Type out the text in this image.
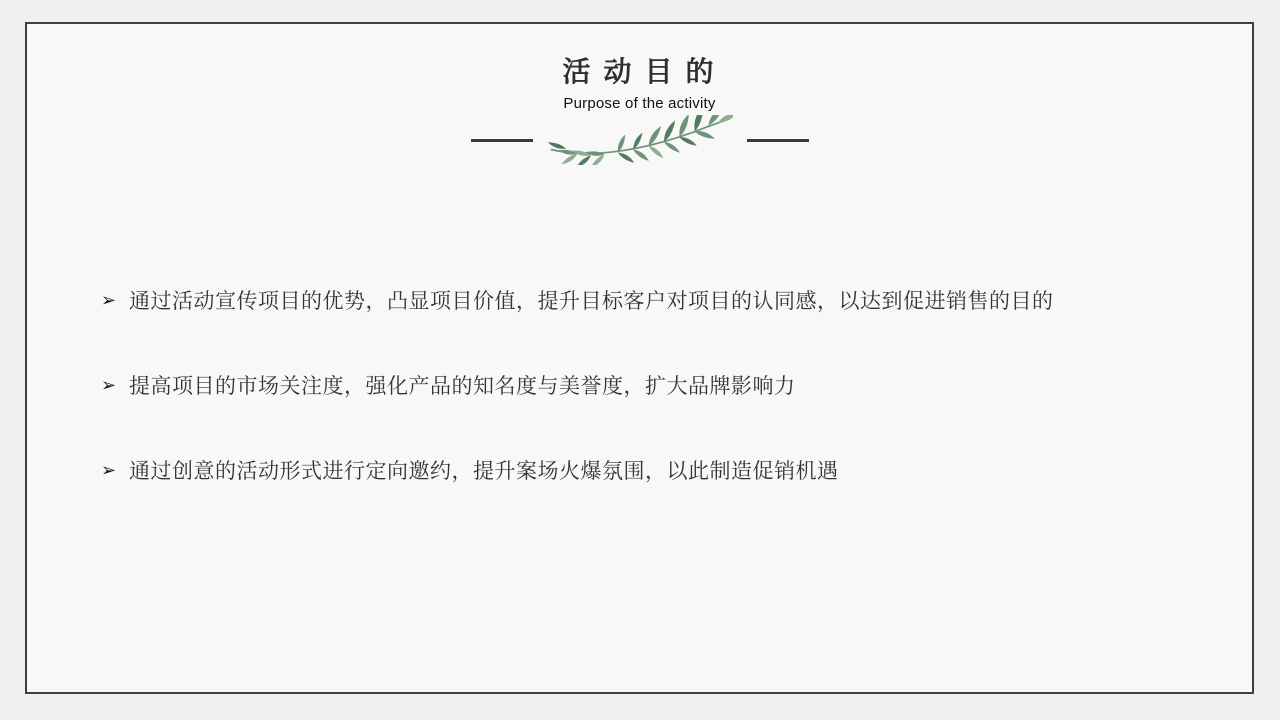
活 动 目 的
Purpose of the activity
➢ 通过活动宣传项目的优势，凸显项目价值，提升目标客户对项目的认同感，以达到促进销售的目的
➢ 提高项目的市场关注度，强化产品的知名度与美誉度，扩大品牌影响力
➢ 通过创意的活动形式进行定向邀约，提升案场火爆氛围，以此制造促销机遇
